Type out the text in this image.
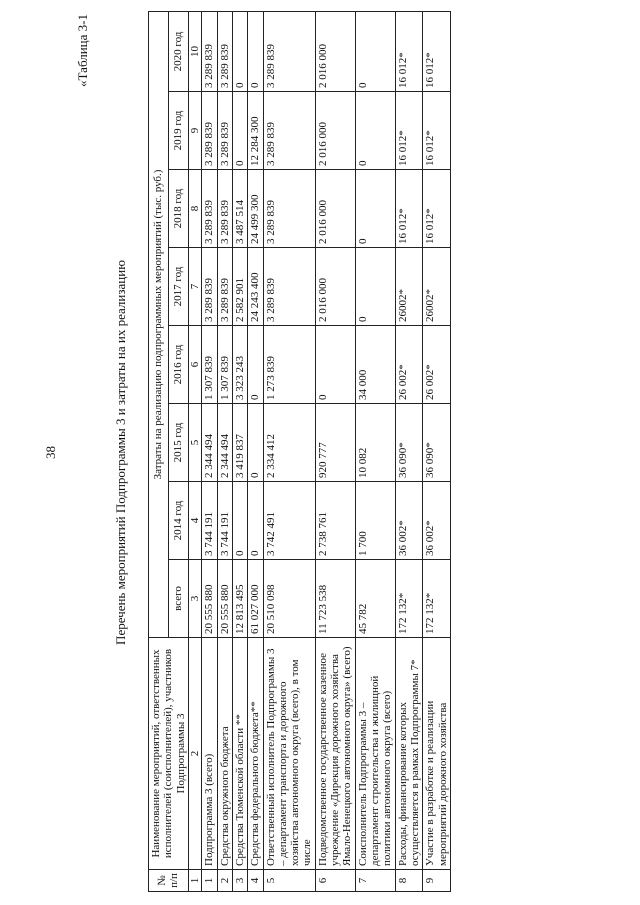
38
«Таблица 3-1
Перечень мероприятий Подпрограммы 3 и затраты на их реализацию
№ п/п	Наименование мероприятий, ответственных исполнителей (соисполнителей), участников Подпрограммы 3	Затраты на реализацию подпрограммных мероприятий (тыс. руб.)							
		всего	2014 год	2015 год	2016 год	2017 год	2018 год	2019 год	2020 год
1	2	3	4	5	6	7	8	9	10
1	Подпрограмма 3 (всего)	20 555 880	3 744 191	2 344 494	1 307 839	3 289 839	3 289 839	3 289 839	3 289 839
2	Средства окружного бюджета	20 555 880	3 744 191	2 344 494	1 307 839	3 289 839	3 289 839	3 289 839	3 289 839
3	Средства Тюменской области **	12 813 495	0	3 419 837	3 323 243	2 582 901	3 487 514	0	0
4	Средства федерального бюджета**	61 027 000	0	0	0	24 243 400	24 499 300	12 284 300	0
5	Ответственный исполнитель Подпрограммы 3 – департамент транспорта и дорожного хозяйства автономного округа (всего), в том числе	20 510 098	3 742 491	2 334 412	1 273 839	3 289 839	3 289 839	3 289 839	3 289 839
6	Подведомственное государственное казенное учреждение «Дирекция дорожного хозяйства Ямало-Ненецкого автономного округа» (всего)	11 723 538	2 738 761	920 777	0	2 016 000	2 016 000	2 016 000	2 016 000
7	Соисполнитель Подпрограммы 3 – департамент строительства и жилищной политики автономного округа (всего)	45 782	1 700	10 082	34 000	0	0	0	0
8	Расходы, финансирование которых осуществляется в рамках Подпрограммы 7*	172 132*	36 002*	36 090*	26 002*	26002*	16 012*	16 012*	16 012*
9	Участие в разработке и реализации мероприятий дорожного хозяйства	172 132*	36 002*	36 090*	26 002*	26002*	16 012*	16 012*	16 012*
